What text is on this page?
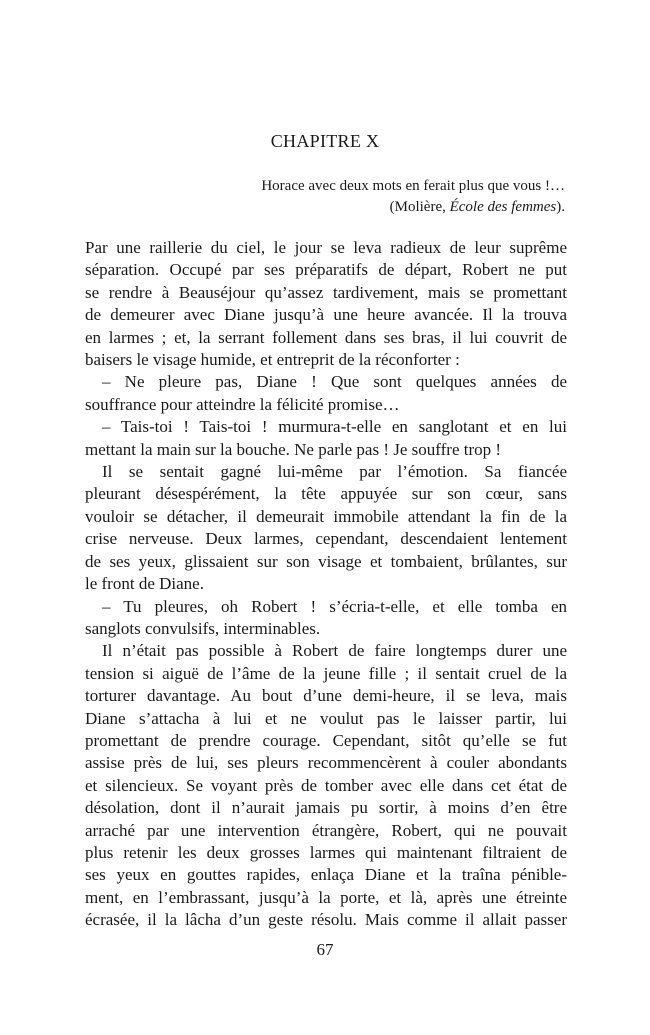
CHAPITRE X
Horace avec deux mots en ferait plus que vous !…
(Molière, École des femmes).
Par une raillerie du ciel, le jour se leva radieux de leur suprême
séparation. Occupé par ses préparatifs de départ, Robert ne put
se rendre à Beauséjour qu’assez tardivement, mais se promettant
de demeurer avec Diane jusqu’à une heure avancée. Il la trouva
en larmes ; et, la serrant follement dans ses bras, il lui couvrit de
baisers le visage humide, et entreprit de la réconforter :
– Ne pleure pas, Diane ! Que sont quelques années de
souffrance pour atteindre la félicité promise…
– Tais-toi ! Tais-toi ! murmura-t-elle en sanglotant et en lui
mettant la main sur la bouche. Ne parle pas ! Je souffre trop !
Il se sentait gagné lui-même par l’émotion. Sa fiancée
pleurant désespérément, la tête appuyée sur son cœur, sans
vouloir se détacher, il demeurait immobile attendant la fin de la
crise nerveuse. Deux larmes, cependant, descendaient lentement
de ses yeux, glissaient sur son visage et tombaient, brûlantes, sur
le front de Diane.
– Tu pleures, oh Robert ! s’écria-t-elle, et elle tomba en
sanglots convulsifs, interminables.
Il n’était pas possible à Robert de faire longtemps durer une
tension si aiguë de l’âme de la jeune fille ; il sentait cruel de la
torturer davantage. Au bout d’une demi-heure, il se leva, mais
Diane s’attacha à lui et ne voulut pas le laisser partir, lui
promettant de prendre courage. Cependant, sitôt qu’elle se fut
assise près de lui, ses pleurs recommencèrent à couler abondants
et silencieux. Se voyant près de tomber avec elle dans cet état de
désolation, dont il n’aurait jamais pu sortir, à moins d’en être
arraché par une intervention étrangère, Robert, qui ne pouvait
plus retenir les deux grosses larmes qui maintenant filtraient de
ses yeux en gouttes rapides, enlaça Diane et la traîna pénible-
ment, en l’embrassant, jusqu’à la porte, et là, après une étreinte
écrasée, il la lâcha d’un geste résolu. Mais comme il allait passer
67
